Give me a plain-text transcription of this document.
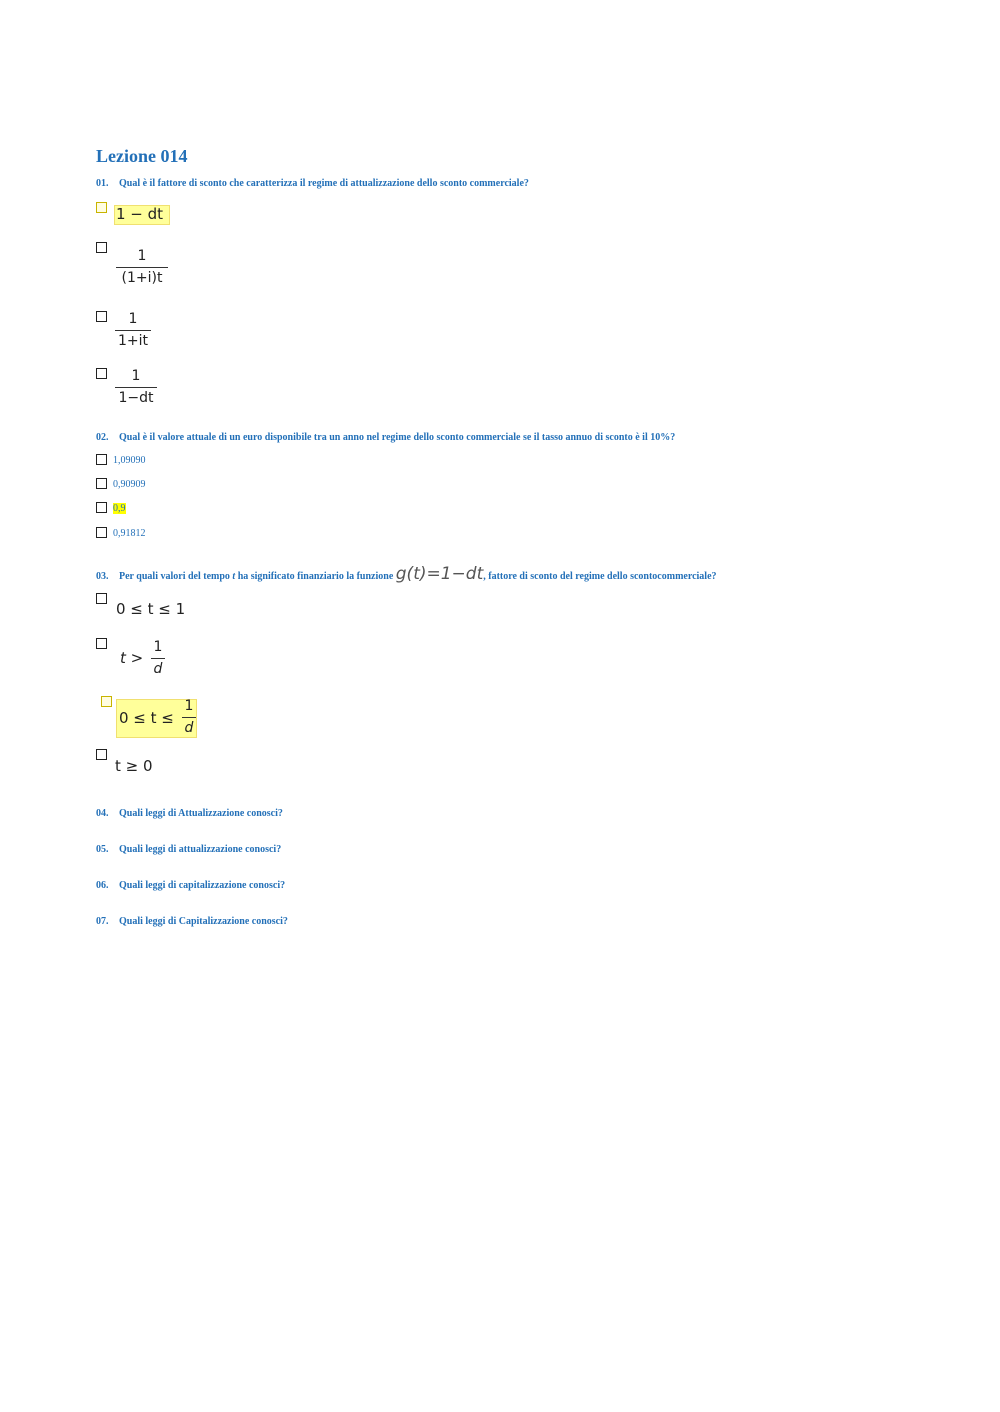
Lezione 014
01. Qual è il fattore di sconto che caratterizza il regime di attualizzazione dello sconto commerciale?
1 − dt
1
(1+i)t
1
1+it
1
1−dt
02. Qual è il valore attuale di un euro disponibile tra un anno nel regime dello sconto commerciale se il tasso annuo di sconto è il 10%?
1,09090
0,90909
0,9
0,91812
03. Per quali valori del tempo t ha significato finanziario la funzione g(t)=1−dt, fattore di sconto del regime dello scontocommerciale?
0 ≤ t ≤ 1
t >
1
d
0 ≤ t ≤
1
d
t ≥ 0
04. Quali leggi di Attualizzazione conosci?
05. Quali leggi di attualizzazione conosci?
06. Quali leggi di capitalizzazione conosci?
07. Quali leggi di Capitalizzazione conosci?
